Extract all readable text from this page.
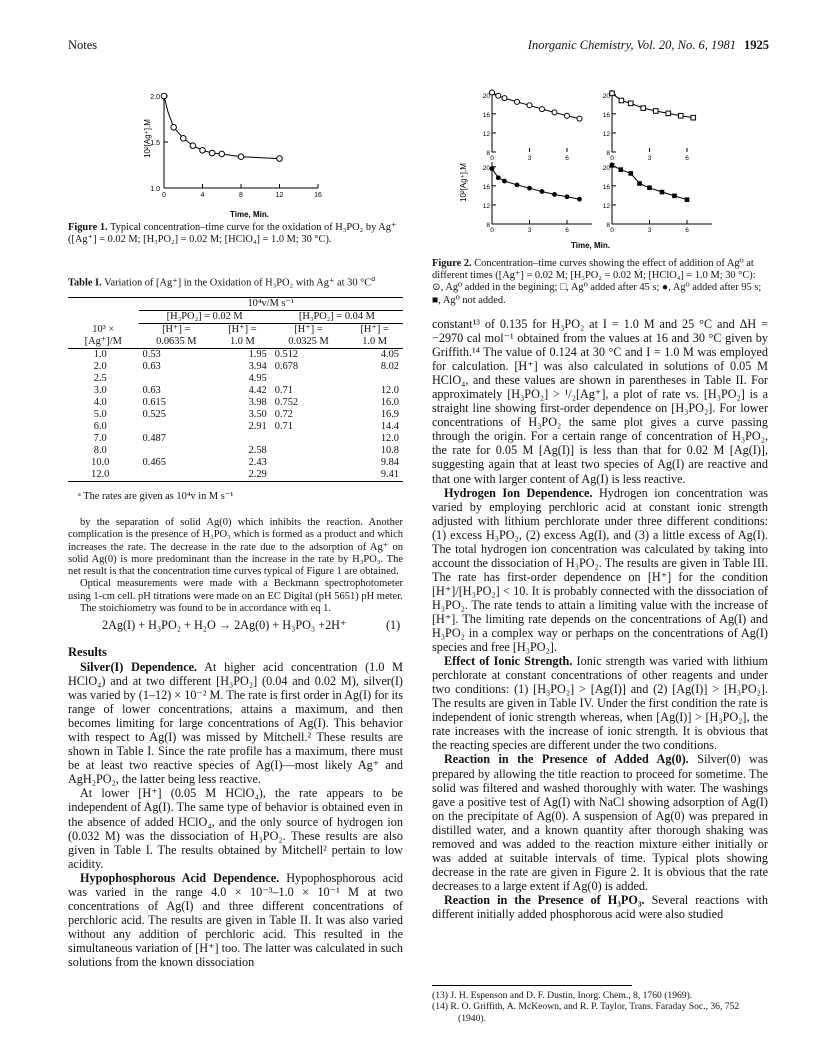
Notes	Inorganic Chemistry, Vol. 20, No. 6, 1981 1925
2.0
1.5
1.0
0	4	8	12	16
10²[Ag⁺],M
Time, Min.
Figure 1. Typical concentration–time curve for the oxidation of H₃PO₂ by Ag⁺ ([Ag⁺] = 0.02 M; [H₃PO₂] = 0.02 M; [HClO₄] = 1.0 M; 30 °C).
Table I. Variation of [Ag⁺] in the Oxidation of H₃PO₂ with Ag⁺ at 30 $^\circ C^a$
	10⁴v/M s⁻¹			
	[H₃PO₂] = 0.02 M		[H₃PO₂] = 0.04 M	
10³ ×	[H⁺] =	[H⁺] =	[H⁺] =	[H⁺] =
[Ag⁺]/M	0.0635 M	1.0 M	0.0325 M	1.0 M
1.0	0.53	1.95	0.512	4.05
2.0	0.63	3.94	0.678	8.02
2.5		4.95		
3.0	0.63	4.42	0.71	12.0
4.0	0.615	3.98	0.752	16.0
5.0	0.525	3.50	0.72	16.9
6.0		2.91	0.71	14.4
7.0	0.487			12.0
8.0		2.58		10.8
10.0	0.465	2.43		9.84
12.0		2.29		9.41
ᵃ The rates are given as 10⁴v in M s⁻¹

by the separation of solid Ag(0) which inhibits the reaction. Another complication is the presence of H₃PO₃ which is formed as a product and which increases the rate. The decrease in the rate due to the adsorption of Ag⁺ on solid Ag(0) is more predominant than the increase in the rate by H₃PO₃. The net result is that the concentration time curves typical of Figure 1 are obtained.

Optical measurements were made with a Beckmann spectrophotometer using 1-cm cell. pH titrations were made on an EC Digital (pH 5651) pH meter.

The stoichiometry was found to be in accordance with eq 1.

2Ag(I) + H₃PO₂ + H₂O → 2Ag(0) + H₃PO₃ +2H⁺	(1)
Results

Silver(I) Dependence. At higher acid concentration (1.0 M HClO₄) and at two different [H₃PO₂] (0.04 and 0.02 M), silver(I) was varied by (1–12) × 10⁻² M. The rate is first order in Ag(I) for its range of lower concentrations, attains a maximum, and then becomes limiting for large concentrations of Ag(I). This behavior with respect to Ag(I) was missed by Mitchell.² These results are shown in Table I. Since the rate profile has a maximum, there must be at least two reactive species of Ag(I)—most likely Ag⁺ and AgH₂PO₂, the latter being less reactive.

At lower [H⁺] (0.05 M HClO₄), the rate appears to be independent of Ag(I). The same type of behavior is obtained even in the absence of added HClO₄, and the only source of hydrogen ion (0.032 M) was the dissociation of H₃PO₂. These results are also given in Table I. The results obtained by Mitchell² pertain to low acidity.

Hypophosphorous Acid Dependence. Hypophosphorous acid was varied in the range 4.0 × 10⁻³–1.0 × 10⁻¹ M at two concentrations of Ag(I) and three different concentrations of perchloric acid. The results are given in Table II. It was also varied without any addition of perchloric acid. This resulted in the simultaneous variation of [H⁺] too. The latter was calculated in such solutions from the known dissociation

20
16
12
8
0	3	6
20
16
12
8
0	3	6
20
16
12
8
0	3	6
20
16
12
8
0	3	6
10²[Ag⁺],M
Time, Min.
Figure 2. Concentration–time curves showing the effect of addition of Ag⁰ at different times ([Ag⁺] = 0.02 M; [H₃PO₂ = 0.02 M; [HClO₄] = 1.0 M; 30 °C): ⊙, Ag⁰ added in the begining; □, Ag⁰ added after 45 s; ●, Ag⁰ added after 95 s; ■, Ag⁰ not added.

constant¹³ of 0.135 for H₃PO₂ at I = 1.0 M and 25 °C and ΔH = −2970 cal mol⁻¹ obtained from the values at 16 and 30 °C given by Griffith.¹⁴ The value of 0.124 at 30 °C and I = 1.0 M was employed for calculation. [H⁺] was also calculated in solutions of 0.05 M HClO₄, and these values are shown in parentheses in Table II. For approximately [H₃PO₂] > ¹/₂[Ag⁺], a plot of rate vs. [H₃PO₂] is a straight line showing first-order dependence on [H₃PO₂]. For lower concentrations of H₃PO₂ the same plot gives a curve passing through the origin. For a certain range of concentration of H₃PO₂, the rate for 0.05 M [Ag(I)] is less than that for 0.02 M [Ag(I)], suggesting again that at least two species of Ag(I) are reactive and that one with larger content of Ag(I) is less reactive.

Hydrogen Ion Dependence. Hydrogen ion concentration was varied by employing perchloric acid at constant ionic strength adjusted with lithium perchlorate under three different conditions: (1) excess H₃PO₂, (2) excess Ag(I), and (3) a little excess of Ag(I). The total hydrogen ion concentration was calculated by taking into account the dissociation of H₃PO₂. The results are given in Table III. The rate has first-order dependence on [H⁺] for the condition [H⁺]/[H₃PO₂] < 10. It is probably connected with the dissociation of H₃PO₂. The rate tends to attain a limiting value with the increase of [H⁺]. The limiting rate depends on the concentrations of Ag(I) and H₃PO₂ in a complex way or perhaps on the concentrations of Ag(I) species and free [H₃PO₂].

Effect of Ionic Strength. Ionic strength was varied with lithium perchlorate at constant concentrations of other reagents and under two conditions: (1) [H₃PO₂] > [Ag(I)] and (2) [Ag(I)] > [H₃PO₂]. The results are given in Table IV. Under the first condition the rate is independent of ionic strength whereas, when [Ag(I)] > [H₃PO₂], the rate increases with the increase of ionic strength. It is obvious that the reacting species are different under the two conditions.

Reaction in the Presence of Added Ag(0). Silver(0) was prepared by allowing the title reaction to proceed for sometime. The solid was filtered and washed thoroughly with water. The washings gave a positive test of Ag(I) with NaCl showing adsorption of Ag(I) on the precipitate of Ag(0). A suspension of Ag(0) was prepared in distilled water, and a known quantity after thorough shaking was removed and was added to the reaction mixture either initially or was added at suitable intervals of time. Typical plots showing decrease in the rate are given in Figure 2. It is obvious that the rate decreases to a large extent if Ag(0) is added.

Reaction in the Presence of H₃PO₃. Several reactions with different initially added phosphorous acid were also studied

(13) J. H. Espenson and D. F. Dustin, Inorg. Chem., 8, 1760 (1969).
(14) R. O. Griffith, A. McKeown, and R. P. Taylor, Trans. Faraday Soc., 36, 752 (1940).
